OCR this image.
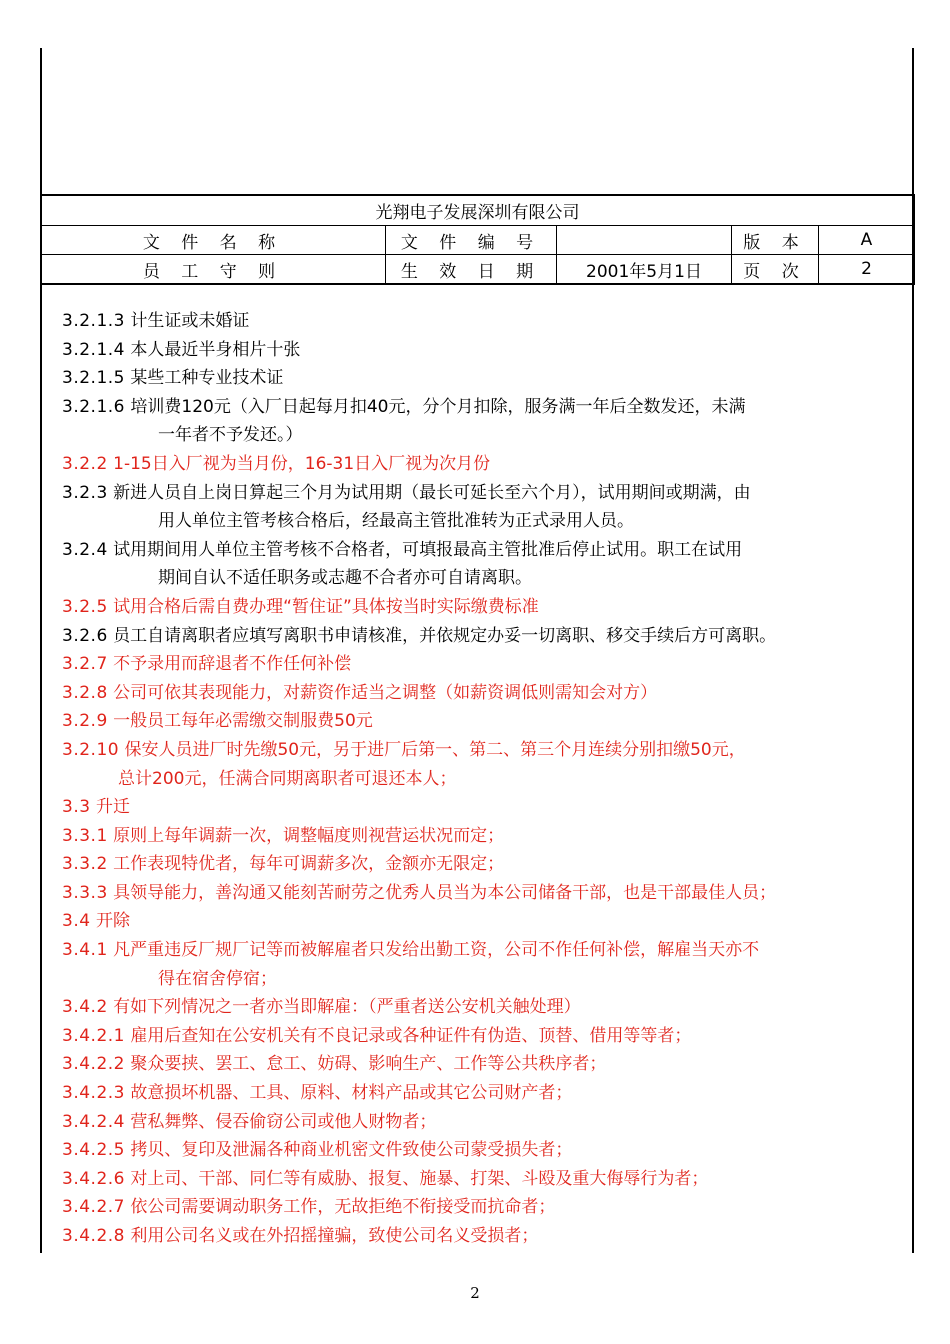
光翔电子发展深圳有限公司				
文 件 名 称	文 件 编 号		版 本	A
员 工 守 则	生 效 日 期	2001年5月1日	页 次	2
3.2.1.3 计生证或未婚证
3.2.1.4 本人最近半身相片十张
3.2.1.5 某些工种专业技术证
3.2.1.6 培训费120元（入厂日起每月扣40元，分个月扣除，服务满一年后全数发还，未满
一年者不予发还。）
3.2.2 1-15日入厂视为当月份，16-31日入厂视为次月份
3.2.3 新进人员自上岗日算起三个月为试用期（最长可延长至六个月），试用期间或期满，由
用人单位主管考核合格后，经最高主管批准转为正式录用人员。
3.2.4 试用期间用人单位主管考核不合格者，可填报最高主管批准后停止试用。职工在试用
期间自认不适任职务或志趣不合者亦可自请离职。
3.2.5 试用合格后需自费办理“暂住证”具体按当时实际缴费标准
3.2.6 员工自请离职者应填写离职书申请核准，并依规定办妥一切离职、移交手续后方可离职。
3.2.7 不予录用而辞退者不作任何补偿
3.2.8 公司可依其表现能力，对薪资作适当之调整（如薪资调低则需知会对方）
3.2.9 一般员工每年必需缴交制服费50元
3.2.10 保安人员进厂时先缴50元，另于进厂后第一、第二、第三个月连续分别扣缴50元，
总计200元，任满合同期离职者可退还本人；
3.3 升迁
3.3.1 原则上每年调薪一次，调整幅度则视营运状况而定；
3.3.2 工作表现特优者，每年可调薪多次，金额亦无限定；
3.3.3 具领导能力，善沟通又能刻苦耐劳之优秀人员当为本公司储备干部，也是干部最佳人员；
3.4 开除
3.4.1 凡严重违反厂规厂记等而被解雇者只发给出勤工资，公司不作任何补偿，解雇当天亦不
得在宿舍停宿；
3.4.2 有如下列情况之一者亦当即解雇：（严重者送公安机关触处理）
3.4.2.1 雇用后查知在公安机关有不良记录或各种证件有伪造、顶替、借用等等者；
3.4.2.2 聚众要挟、罢工、怠工、妨碍、影响生产、工作等公共秩序者；
3.4.2.3 故意损坏机器、工具、原料、材料产品或其它公司财产者；
3.4.2.4 营私舞弊、侵吞偷窃公司或他人财物者；
3.4.2.5 拷贝、复印及泄漏各种商业机密文件致使公司蒙受损失者；
3.4.2.6 对上司、干部、同仁等有威胁、报复、施暴、打架、斗殴及重大侮辱行为者；
3.4.2.7 依公司需要调动职务工作，无故拒绝不衔接受而抗命者；
3.4.2.8 利用公司名义或在外招摇撞骗，致使公司名义受损者；
2
